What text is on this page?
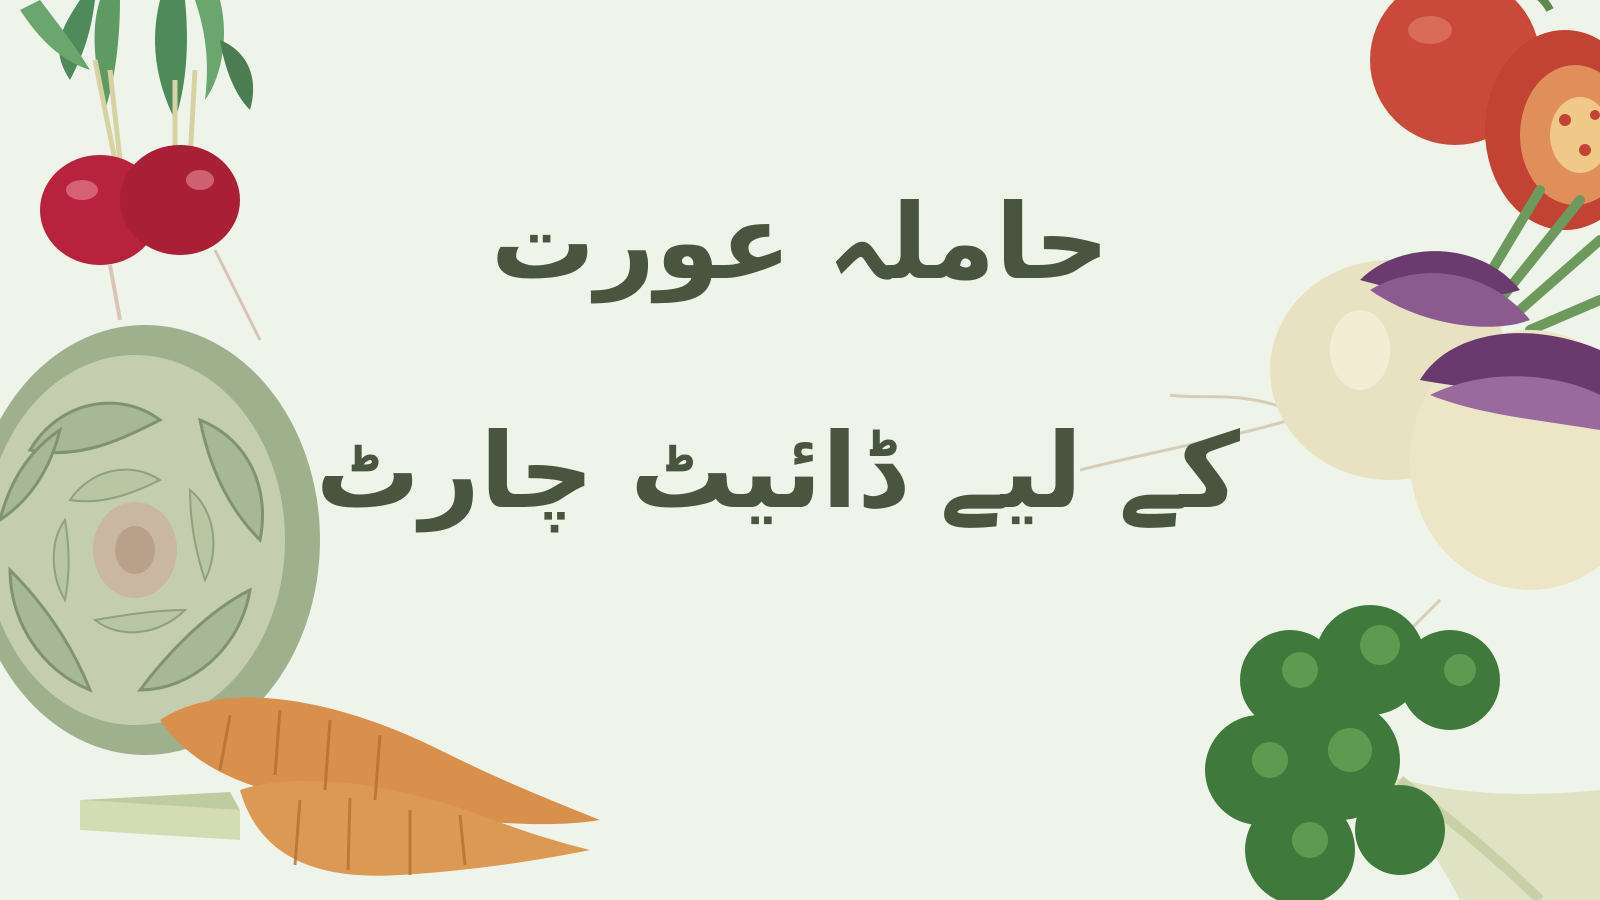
حاملہ عورت
کے لیے ڈائیٹ چارٹ
